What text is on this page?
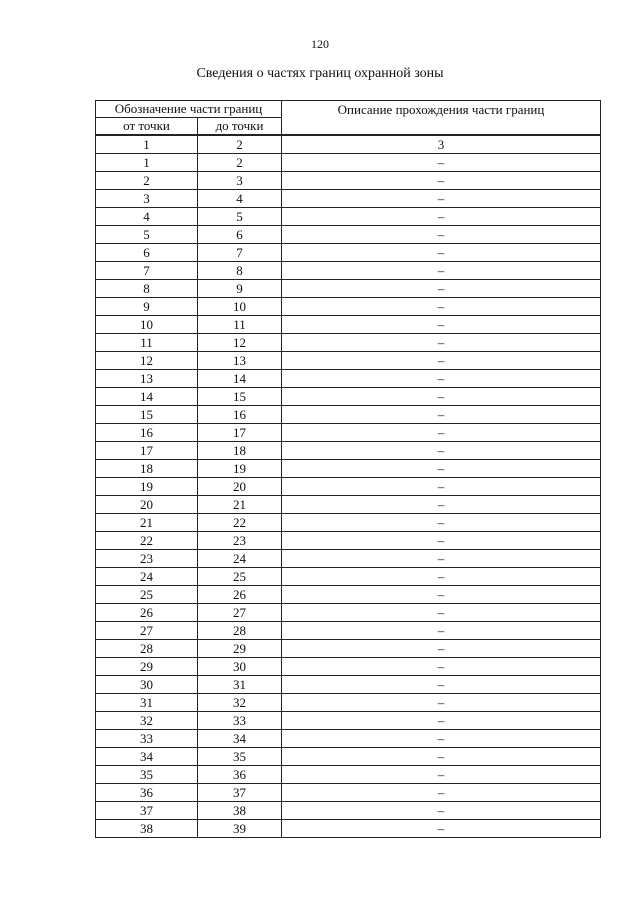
120
Сведения о частях границ охранной зоны
Обозначение части границ		Описание прохождения части границ
от точки	до точки	
1	2	3
1	2	–
2	3	–
3	4	–
4	5	–
5	6	–
6	7	–
7	8	–
8	9	–
9	10	–
10	11	–
11	12	–
12	13	–
13	14	–
14	15	–
15	16	–
16	17	–
17	18	–
18	19	–
19	20	–
20	21	–
21	22	–
22	23	–
23	24	–
24	25	–
25	26	–
26	27	–
27	28	–
28	29	–
29	30	–
30	31	–
31	32	–
32	33	–
33	34	–
34	35	–
35	36	–
36	37	–
37	38	–
38	39	–
